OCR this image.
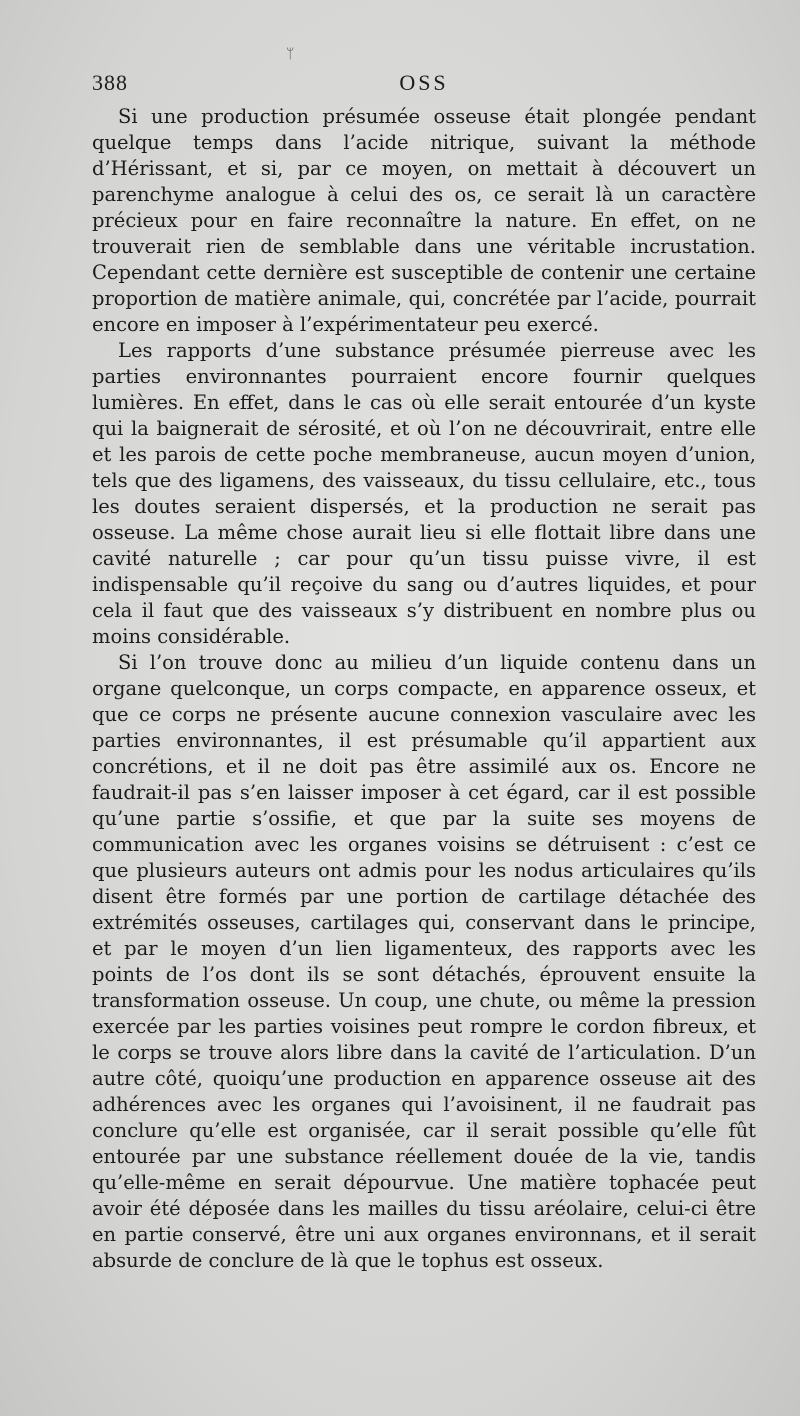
ᛘ
388	OSS

Si une production présumée osseuse était plongée pendant quelque temps dans l’acide nitrique, suivant la méthode d’Hérissant, et si, par ce moyen, on mettait à découvert un parenchyme analogue à celui des os, ce serait là un caractère précieux pour en faire reconnaître la nature. En effet, on ne trouverait rien de semblable dans une véritable incrustation. Cependant cette dernière est susceptible de contenir une certaine proportion de matière animale, qui, concrétée par l’acide, pourrait encore en imposer à l’expérimentateur peu exercé.

Les rapports d’une substance présumée pierreuse avec les parties environnantes pourraient encore fournir quelques lumières. En effet, dans le cas où elle serait entourée d’un kyste qui la baignerait de sérosité, et où l’on ne découvrirait, entre elle et les parois de cette poche membraneuse, aucun moyen d’union, tels que des ligamens, des vaisseaux, du tissu cellulaire, etc., tous les doutes seraient dispersés, et la production ne serait pas osseuse. La même chose aurait lieu si elle flottait libre dans une cavité naturelle ; car pour qu’un tissu puisse vivre, il est indispensable qu’il reçoive du sang ou d’autres liquides, et pour cela il faut que des vaisseaux s’y distribuent en nombre plus ou moins considérable.

Si l’on trouve donc au milieu d’un liquide contenu dans un organe quelconque, un corps compacte, en apparence osseux, et que ce corps ne présente aucune connexion vasculaire avec les parties environnantes, il est présumable qu’il appartient aux concrétions, et il ne doit pas être assimilé aux os. Encore ne faudrait-il pas s’en laisser imposer à cet égard, car il est possible qu’une partie s’ossifie, et que par la suite ses moyens de communication avec les organes voisins se détruisent : c’est ce que plusieurs auteurs ont admis pour les nodus articulaires qu’ils disent être formés par une portion de cartilage détachée des extrémités osseuses, cartilages qui, conservant dans le principe, et par le moyen d’un lien ligamenteux, des rapports avec les points de l’os dont ils se sont détachés, éprouvent ensuite la transformation osseuse. Un coup, une chute, ou même la pression exercée par les parties voisines peut rompre le cordon fibreux, et le corps se trouve alors libre dans la cavité de l’articulation. D’un autre côté, quoiqu’une production en apparence osseuse ait des adhérences avec les organes qui l’avoisinent, il ne faudrait pas conclure qu’elle est organisée, car il serait possible qu’elle fût entourée par une substance réellement douée de la vie, tandis qu’elle-même en serait dépourvue. Une matière tophacée peut avoir été déposée dans les mailles du tissu aréolaire, celui-ci être en partie conservé, être uni aux organes environnans, et il serait absurde de conclure de là que le tophus est osseux.
